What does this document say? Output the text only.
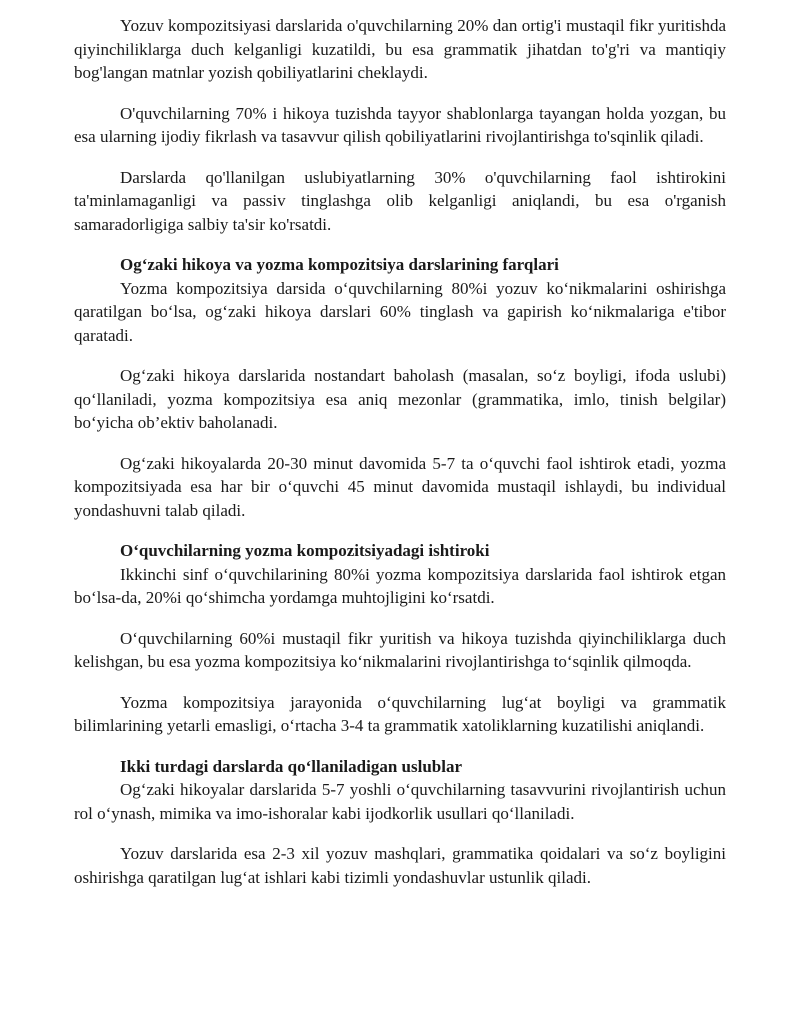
Yozuv kompozitsiyasi darslarida o'quvchilarning 20% dan ortig'i mustaqil fikr yuritishda qiyinchiliklarga duch kelganligi kuzatildi, bu esa grammatik jihatdan to'g'ri va mantiqiy bog'langan matnlar yozish qobiliyatlarini cheklaydi.

O'quvchilarning 70% i hikoya tuzishda tayyor shablonlarga tayangan holda yozgan, bu esa ularning ijodiy fikrlash va tasavvur qilish qobiliyatlarini rivojlantirishga to'sqinlik qiladi.

Darslarda qo'llanilgan uslubiyatlarning 30% o'quvchilarning faol ishtirokini ta'minlamaganligi va passiv tinglashga olib kelganligi aniqlandi, bu esa o'rganish samaradorligiga salbiy ta'sir ko'rsatdi.

Og‘zaki hikoya va yozma kompozitsiya darslarining farqlari

Yozma kompozitsiya darsida o‘quvchilarning 80%i yozuv ko‘nikmalarini oshirishga qaratilgan bo‘lsa, og‘zaki hikoya darslari 60% tinglash va gapirish ko‘nikmalariga e'tibor qaratadi.

Og‘zaki hikoya darslarida nostandart baholash (masalan, so‘z boyligi, ifoda uslubi) qo‘llaniladi, yozma kompozitsiya esa aniq mezonlar (grammatika, imlo, tinish belgilar) bo‘yicha ob’ektiv baholanadi.

Og‘zaki hikoyalarda 20-30 minut davomida 5-7 ta o‘quvchi faol ishtirok etadi, yozma kompozitsiyada esa har bir o‘quvchi 45 minut davomida mustaqil ishlaydi, bu individual yondashuvni talab qiladi.

O‘quvchilarning yozma kompozitsiyadagi ishtiroki

Ikkinchi sinf o‘quvchilarining 80%i yozma kompozitsiya darslarida faol ishtirok etgan bo‘lsa-da, 20%i qo‘shimcha yordamga muhtojligini ko‘rsatdi.

O‘quvchilarning 60%i mustaqil fikr yuritish va hikoya tuzishda qiyinchiliklarga duch kelishgan, bu esa yozma kompozitsiya ko‘nikmalarini rivojlantirishga to‘sqinlik qilmoqda.

Yozma kompozitsiya jarayonida o‘quvchilarning lug‘at boyligi va grammatik bilimlarining yetarli emasligi, o‘rtacha 3-4 ta grammatik xatoliklarning kuzatilishi aniqlandi.

Ikki turdagi darslarda qo‘llaniladigan uslublar

Og‘zaki hikoyalar darslarida 5-7 yoshli o‘quvchilarning tasavvurini rivojlantirish uchun rol o‘ynash, mimika va imo-ishoralar kabi ijodkorlik usullari qo‘llaniladi.

Yozuv darslarida esa 2-3 xil yozuv mashqlari, grammatika qoidalari va so‘z boyligini oshirishga qaratilgan lug‘at ishlari kabi tizimli yondashuvlar ustunlik qiladi.
